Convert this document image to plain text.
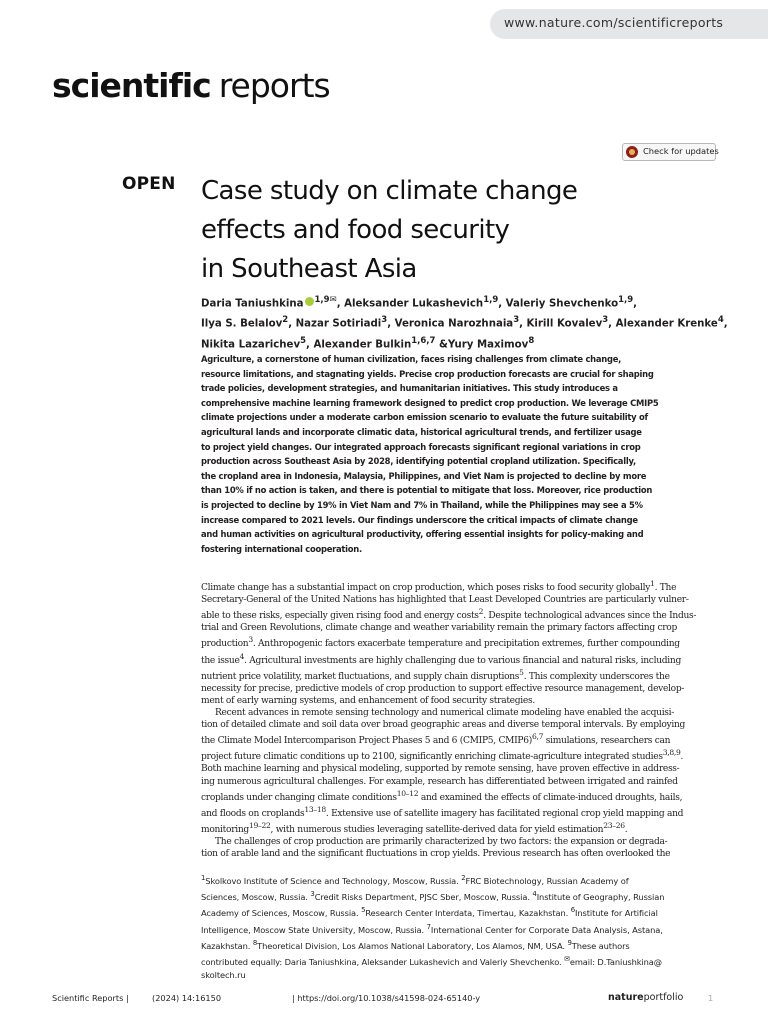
www.nature.com/scientificreports
scientific reports
Check for updates
OPEN Case study on climate change
effects and food security
in Southeast Asia
Daria Taniushkina $^{1,9✉}$, Aleksander Lukashevich$^{1,9}$, Valeriy Shevchenko$^{1,9}$,
Ilya S. Belalov$^2$, Nazar Sotiriadi$^3$, Veronica Narozhnaia$^3$, Kirill Kovalev$^3$, Alexander Krenke$^4$,
Nikita Lazarichev$^5$, Alexander Bulkin$^{1,6,7}$ &Yury Maximov$^8$
Agriculture, a cornerstone of human civilization, faces rising challenges from climate change,
resource limitations, and stagnating yields. Precise crop production forecasts are crucial for shaping
trade policies, development strategies, and humanitarian initiatives. This study introduces a
comprehensive machine learning framework designed to predict crop production. We leverage CMIP5
climate projections under a moderate carbon emission scenario to evaluate the future suitability of
agricultural lands and incorporate climatic data, historical agricultural trends, and fertilizer usage
to project yield changes. Our integrated approach forecasts significant regional variations in crop
production across Southeast Asia by 2028, identifying potential cropland utilization. Specifically,
the cropland area in Indonesia, Malaysia, Philippines, and Viet Nam is projected to decline by more
than 10% if no action is taken, and there is potential to mitigate that loss. Moreover, rice production
is projected to decline by 19% in Viet Nam and 7% in Thailand, while the Philippines may see a 5%
increase compared to 2021 levels. Our findings underscore the critical impacts of climate change
and human activities on agricultural productivity, offering essential insights for policy-making and
fostering international cooperation.
Climate change has a substantial impact on crop production, which poses risks to food security globally$^1$. The
Secretary-General of the United Nations has highlighted that Least Developed Countries are particularly vulner-
able to these risks, especially given rising food and energy costs$^2$. Despite technological advances since the Indus-
trial and Green Revolutions, climate change and weather variability remain the primary factors affecting crop
production$^3$. Anthropogenic factors exacerbate temperature and precipitation extremes, further compounding
the issue$^4$. Agricultural investments are highly challenging due to various financial and natural risks, including
nutrient price volatility, market fluctuations, and supply chain disruptions$^5$. This complexity underscores the
necessity for precise, predictive models of crop production to support effective resource management, develop-
ment of early warning systems, and enhancement of food security strategies.
Recent advances in remote sensing technology and numerical climate modeling have enabled the acquisi-
tion of detailed climate and soil data over broad geographic areas and diverse temporal intervals. By employing
the Climate Model Intercomparison Project Phases 5 and 6 (CMIP5, CMIP6)$^{6,7}$ simulations, researchers can
project future climatic conditions up to 2100, significantly enriching climate-agriculture integrated studies$^{3,8,9}$.
Both machine learning and physical modeling, supported by remote sensing, have proven effective in address-
ing numerous agricultural challenges. For example, research has differentiated between irrigated and rainfed
croplands under changing climate conditions$^{10-12}$ and examined the effects of climate-induced droughts, hails,
and floods on croplands$^{13-18}$. Extensive use of satellite imagery has facilitated regional crop yield mapping and
monitoring$^{19-22}$, with numerous studies leveraging satellite-derived data for yield estimation$^{23-26}$.
The challenges of crop production are primarily characterized by two factors: the expansion or degrada-
tion of arable land and the significant fluctuations in crop yields. Previous research has often overlooked the
$^1$Skolkovo Institute of Science and Technology, Moscow, Russia. $^2$FRC Biotechnology, Russian Academy of
Sciences, Moscow, Russia. $^3$Credit Risks Department, PJSC Sber, Moscow, Russia. $^4$Institute of Geography, Russian
Academy of Sciences, Moscow, Russia. $^5$Research Center Interdata, Timertau, Kazakhstan. $^6$Institute for Artificial
Intelligence, Moscow State University, Moscow, Russia. $^7$International Center for Corporate Data Analysis, Astana,
Kazakhstan. $^8$Theoretical Division, Los Alamos National Laboratory, Los Alamos, NM, USA. $^9$These authors
contributed equally: Daria Taniushkina, Aleksander Lukashevich and Valeriy Shevchenko. ✉email: D.Taniushkina@
skoltech.ru
Scientific Reports |	(2024) 14:16150	| https://doi.org/10.1038/s41598-024-65140-y	natureportfolio	1
